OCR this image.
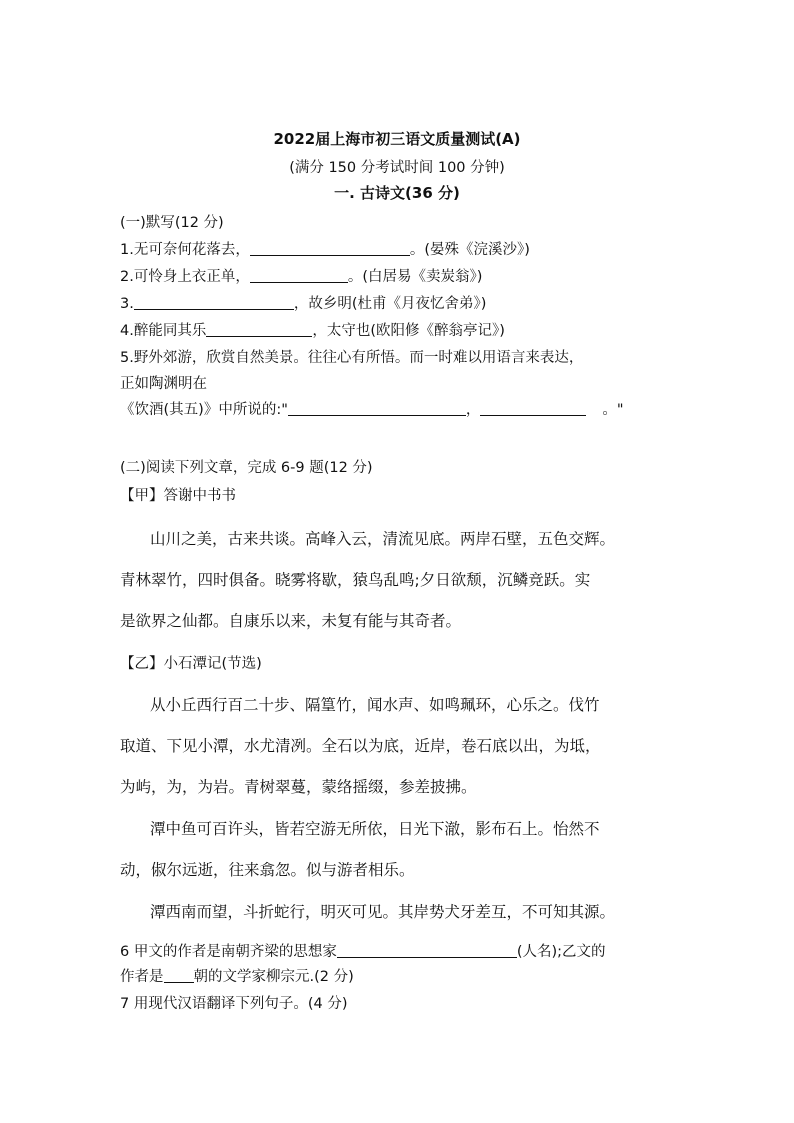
2022届上海市初三语文质量测试(A)
(满分 150 分考试时间 100 分钟)
一. 古诗文(36 分)
(一)默写(12 分)
1.无可奈何花落去，	。(晏殊《浣溪沙》)
2.可怜身上衣正单，	。(白居易《卖炭翁》)
3.	，故乡明(杜甫《月夜忆舍弟》)
4.醉能同其乐	，太守也(欧阳修《醉翁亭记》)
5.野外郊游，欣赏自然美景。往往心有所悟。而一时难以用语言来表达，
正如陶渊明在
《饮酒(其五)》中所说的:"	，	。"
(二)阅读下列文章，完成 6-9 题(12 分)
【甲】答谢中书书
山川之美，古来共谈。高峰入云，清流见底。两岸石壁，五色交辉。
青林翠竹，四时俱备。晓雾将歇，猿鸟乱鸣;夕日欲颓，沉鳞竞跃。实
是欲界之仙都。自康乐以来，未复有能与其奇者。
【乙】小石潭记(节选)
从小丘西行百二十步、隔篁竹，闻水声、如鸣珮环，心乐之。伐竹
取道、下见小潭，水尤清冽。全石以为底，近岸，卷石底以出，为坻，
为屿，为，为岩。青树翠蔓，蒙络摇缀，参差披拂。
潭中鱼可百许头，皆若空游无所依，日光下澈，影布石上。怡然不
动，俶尔远逝，往来翕忽。似与游者相乐。
潭西南而望，斗折蛇行，明灭可见。其岸势犬牙差互，不可知其源。
6 甲文的作者是南朝齐梁的思想家	(人名);乙文的
作者是 朝的文学家柳宗元.(2 分)
7 用现代汉语翻译下列句子。(4 分)
